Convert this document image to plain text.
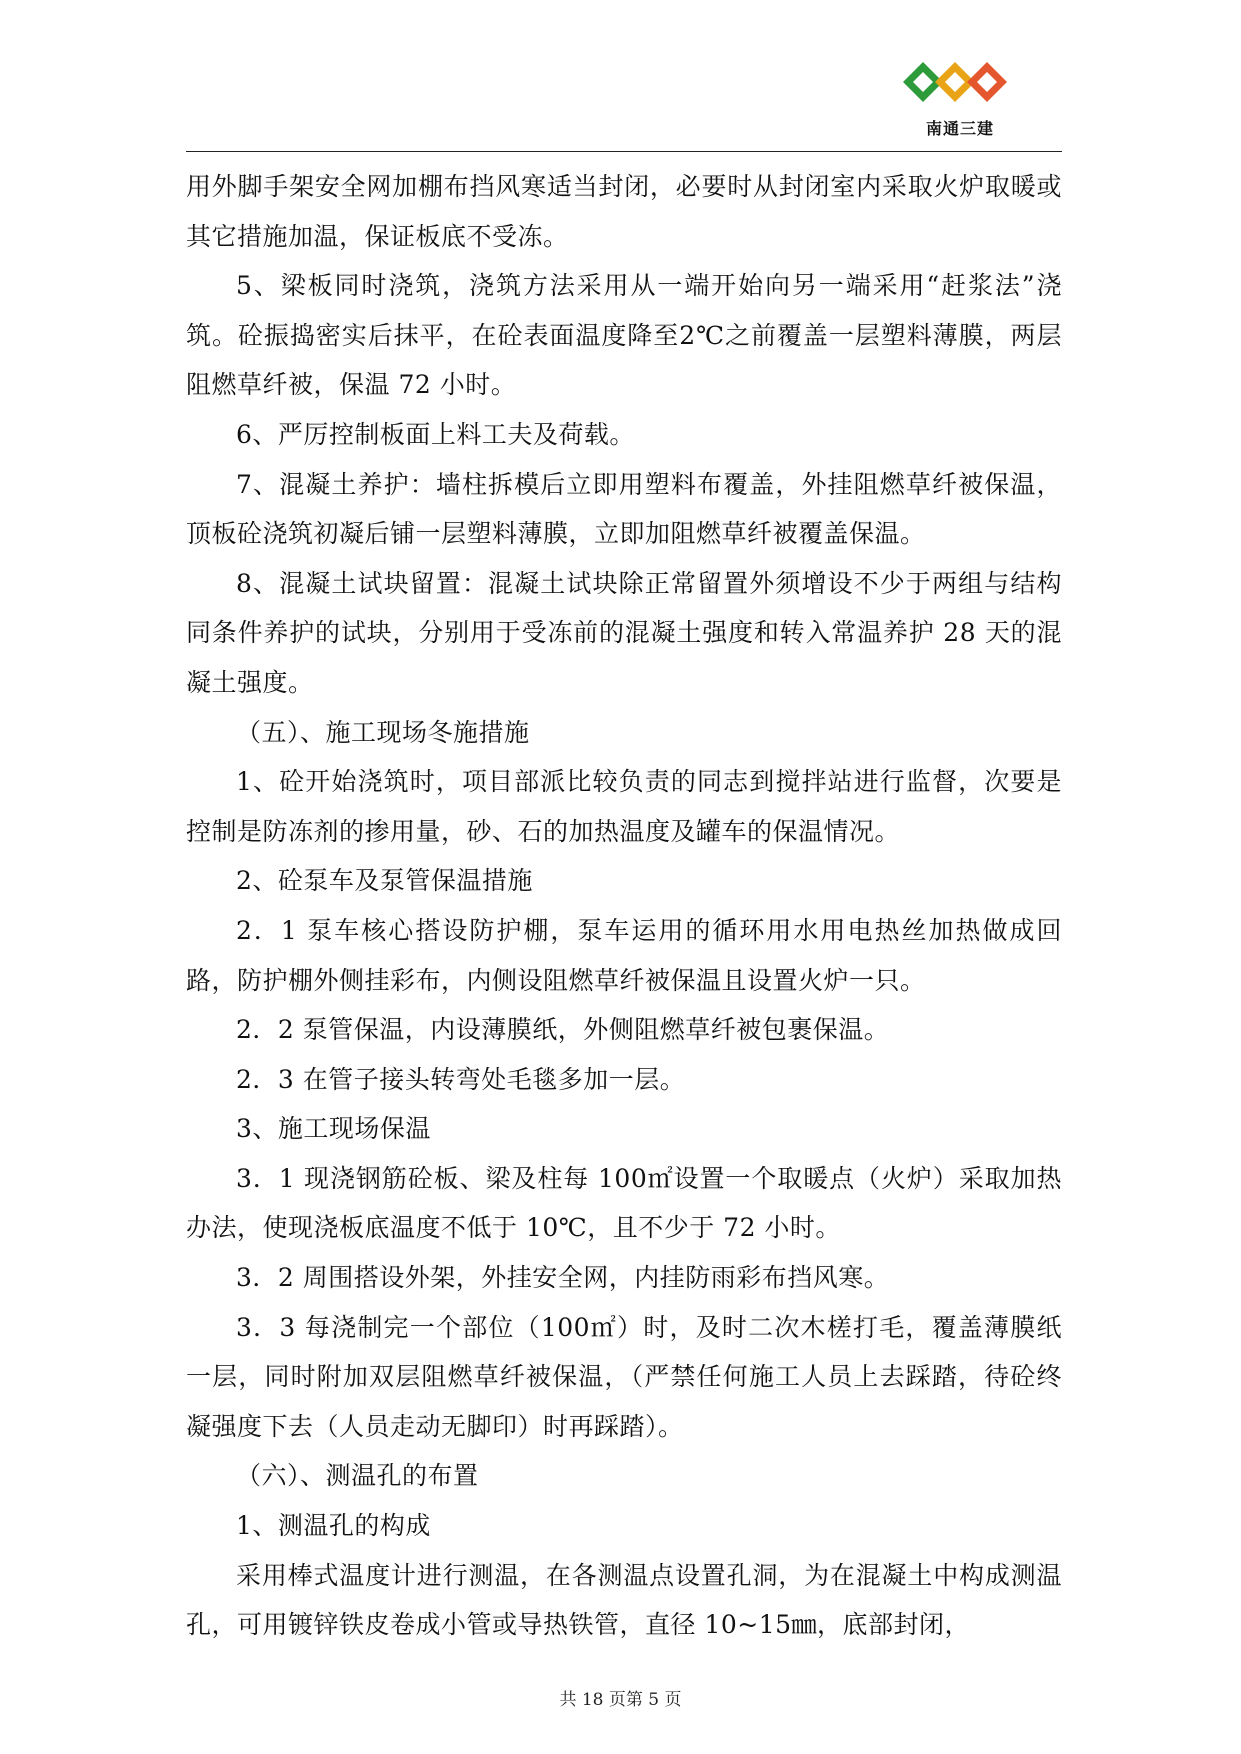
南通三建

用外脚手架安全网加棚布挡风寒适当封闭，必要时从封闭室内采取火炉取暖或其它措施加温，保证板底不受冻。

5、梁板同时浇筑，浇筑方法采用从一端开始向另一端采用“赶浆法”浇筑。砼振捣密实后抹平，在砼表面温度降至2℃之前覆盖一层塑料薄膜，两层阻燃草纤被，保温 72 小时。

6、严厉控制板面上料工夫及荷载。

7、混凝土养护：墙柱拆模后立即用塑料布覆盖，外挂阻燃草纤被保温，顶板砼浇筑初凝后铺一层塑料薄膜，立即加阻燃草纤被覆盖保温。

8、混凝土试块留置：混凝土试块除正常留置外须增设不少于两组与结构同条件养护的试块，分别用于受冻前的混凝土强度和转入常温养护 28 天的混凝土强度。

（五）、施工现场冬施措施

1、砼开始浇筑时，项目部派比较负责的同志到搅拌站进行监督，次要是控制是防冻剂的掺用量，砂、石的加热温度及罐车的保温情况。

2、砼泵车及泵管保温措施

2．1 泵车核心搭设防护棚，泵车运用的循环用水用电热丝加热做成回路，防护棚外侧挂彩布，内侧设阻燃草纤被保温且设置火炉一只。

2．2 泵管保温，内设薄膜纸，外侧阻燃草纤被包裹保温。

2．3 在管子接头转弯处毛毯多加一层。

3、施工现场保温

3．1 现浇钢筋砼板、梁及柱每 100㎡设置一个取暖点（火炉）采取加热办法，使现浇板底温度不低于 10℃，且不少于 72 小时。

3．2 周围搭设外架，外挂安全网，内挂防雨彩布挡风寒。

3．3 每浇制完一个部位（100㎡）时，及时二次木槎打毛，覆盖薄膜纸一层，同时附加双层阻燃草纤被保温，（严禁任何施工人员上去踩踏，待砼终凝强度下去（人员走动无脚印）时再踩踏）。

（六）、测温孔的布置

1、测温孔的构成

采用棒式温度计进行测温，在各测温点设置孔洞，为在混凝土中构成测温孔，可用镀锌铁皮卷成小管或导热铁管，直径 10~15㎜，底部封闭，

共 18 页第 5 页
